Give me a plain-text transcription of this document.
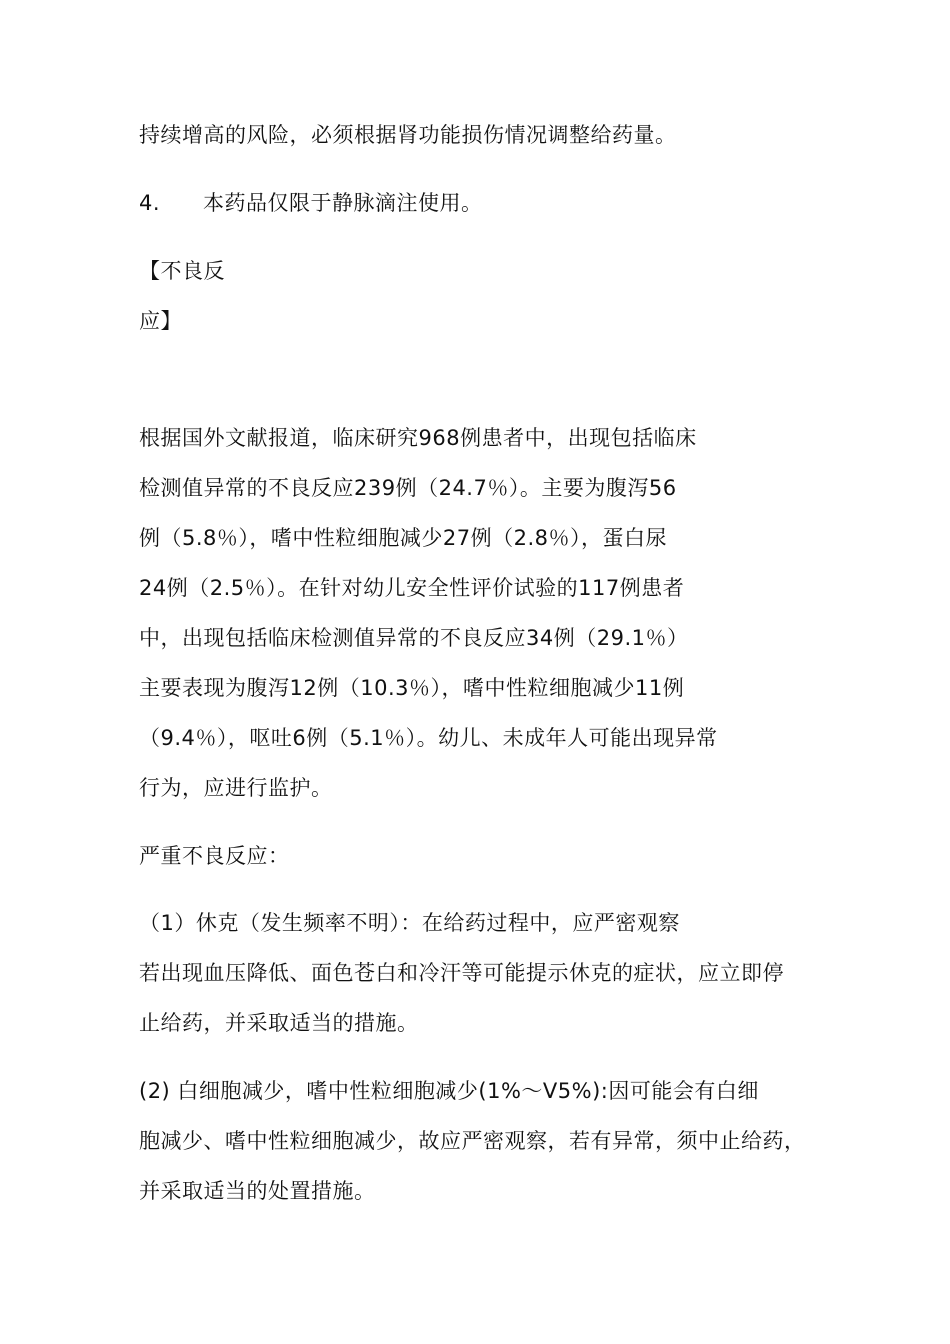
持续增高的风险，必须根据肾功能损伤情况调整给药量。
4.　　本药品仅限于静脉滴注使用。
【不良反
应】
根据国外文献报道，临床研究968例患者中，出现包括临床
检测值异常的不良反应239例（24.7％）。主要为腹泻56
例（5.8％），嗜中性粒细胞减少27例（2.8％），蛋白尿
24例（2.5％）。在针对幼儿安全性评价试验的117例患者
中，出现包括临床检测值异常的不良反应34例（29.1％）
主要表现为腹泻12例（10.3％），嗜中性粒细胞减少11例
（9.4％），呕吐6例（5.1％）。幼儿、未成年人可能出现异常
行为，应进行监护。
严重不良反应：
（1）休克（发生频率不明）：在给药过程中，应严密观察
若出现血压降低、面色苍白和冷汗等可能提示休克的症状，应立即停
止给药，并采取适当的措施。
(2) 白细胞减少，嗜中性粒细胞减少(1%〜V5%):因可能会有白细
胞减少、嗜中性粒细胞减少，故应严密观察，若有异常，须中止给药，
并采取适当的处置措施。
